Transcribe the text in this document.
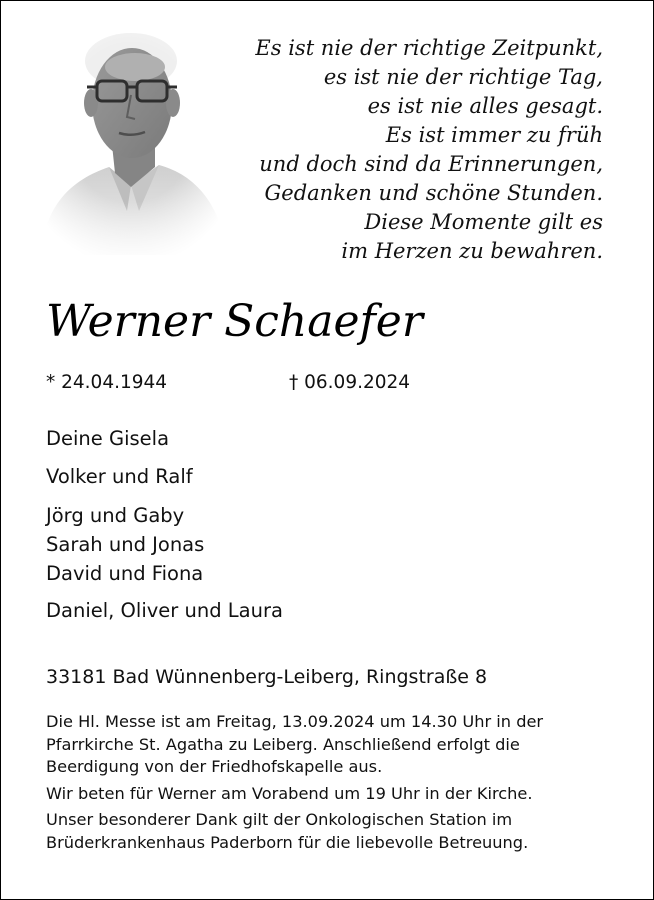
Es ist nie der richtige Zeitpunkt,
es ist nie der richtige Tag,
es ist nie alles gesagt.
Es ist immer zu früh
und doch sind da Erinnerungen,
Gedanken und schöne Stunden.
Diese Momente gilt es
im Herzen zu bewahren.
Werner Schaefer
* 24.04.1944	† 06.09.2024
Deine Gisela
Volker und Ralf
Jörg und Gaby
Sarah und Jonas
David und Fiona
Daniel, Oliver und Laura
33181 Bad Wünnenberg-Leiberg, Ringstraße 8

Die Hl. Messe ist am Freitag, 13.09.2024 um 14.30 Uhr in der
Pfarrkirche St. Agatha zu Leiberg. Anschließend erfolgt die
Beerdigung von der Friedhofskapelle aus.

Wir beten für Werner am Vorabend um 19 Uhr in der Kirche.

Unser besonderer Dank gilt der Onkologischen Station im
Brüderkrankenhaus Paderborn für die liebevolle Betreuung.
